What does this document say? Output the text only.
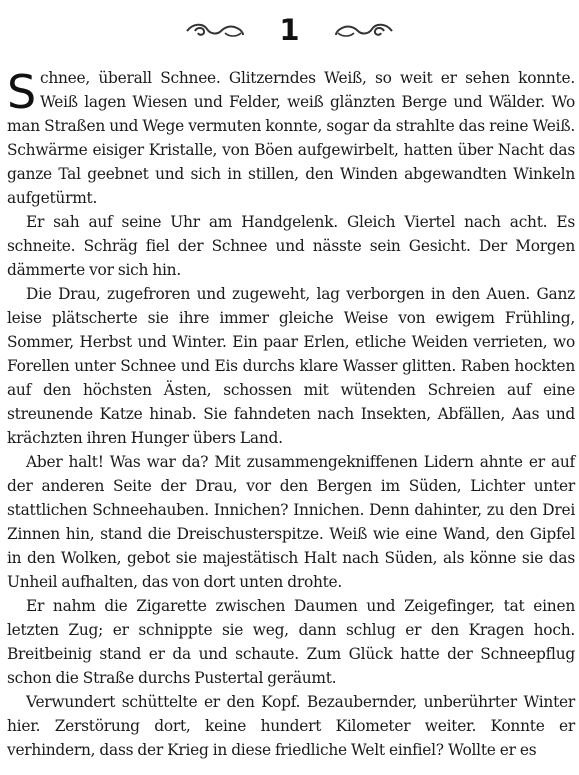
1

Schnee, überall Schnee. Glitzerndes Weiß, so weit er sehen konnte. Weiß lagen Wiesen und Felder, weiß glänzten Berge und Wälder. Wo man Straßen und Wege vermuten konnte, sogar da strahlte das reine Weiß. Schwärme eisiger Kristalle, von Böen aufgewirbelt, hatten über Nacht das ganze Tal geebnet und sich in stillen, den Winden abgewandten Winkeln aufgetürmt.

Er sah auf seine Uhr am Handgelenk. Gleich Viertel nach acht. Es schneite. Schräg fiel der Schnee und nässte sein Gesicht. Der Morgen dämmerte vor sich hin.

Die Drau, zugefroren und zugeweht, lag verborgen in den Auen. Ganz leise plätscherte sie ihre immer gleiche Weise von ewigem Frühling, Sommer, Herbst und Winter. Ein paar Erlen, etliche Weiden verrieten, wo Forellen unter Schnee und Eis durchs klare Wasser glitten. Raben hockten auf den höchsten Ästen, schossen mit wütenden Schreien auf eine streunende Katze hinab. Sie fahndeten nach Insekten, Abfällen, Aas und krächzten ihren Hunger übers Land.

Aber halt! Was war da? Mit zusammengekniffenen Lidern ahnte er auf der anderen Seite der Drau, vor den Bergen im Süden, Lichter unter stattlichen Schneehauben. Innichen? Innichen. Denn dahinter, zu den Drei Zinnen hin, stand die Dreischusterspitze. Weiß wie eine Wand, den Gipfel in den Wolken, gebot sie majestätisch Halt nach Süden, als könne sie das Unheil aufhalten, das von dort unten drohte.

Er nahm die Zigarette zwischen Daumen und Zeigefinger, tat einen letzten Zug; er schnippte sie weg, dann schlug er den Kragen hoch. Breitbeinig stand er da und schaute. Zum Glück hatte der Schneepflug schon die Straße durchs Pustertal geräumt.

Verwundert schüttelte er den Kopf. Bezaubernder, unberührter Winter hier. Zerstörung dort, keine hundert Kilometer weiter. Konnte er verhindern, dass der Krieg in diese friedliche Welt einfiel? Wollte er es
